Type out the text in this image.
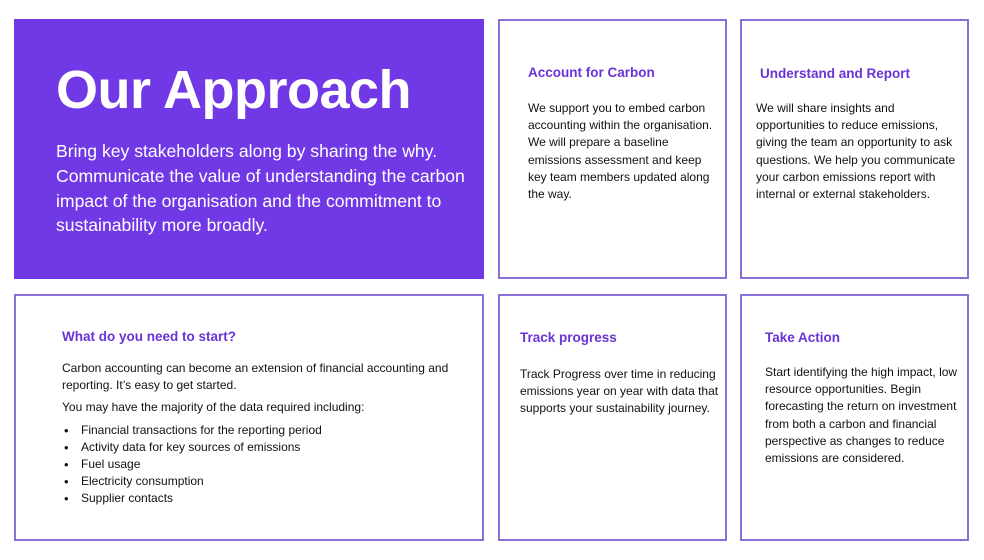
Our Approach

Bring key stakeholders along by sharing the why. Communicate the value of understanding the carbon impact of the organisation and the commitment to sustainability more broadly.

Account for Carbon
We support you to embed carbon accounting within the organisation. We will prepare a baseline emissions assessment and keep key team members updated along the way.
Understand and Report
We will share insights and opportunities to reduce emissions, giving the team an opportunity to ask questions. We help you communicate your carbon emissions report with internal or external stakeholders.
What do you need to start?

Carbon accounting can become an extension of financial accounting and reporting. It’s easy to get started.

You may have the majority of the data required including:

• Financial transactions for the reporting period
• Activity data for key sources of emissions
• Fuel usage
• Electricity consumption
• Supplier contacts
Track progress
Track Progress over time in reducing emissions year on year with data that supports your sustainability journey.
Take Action
Start identifying the high impact, low resource opportunities. Begin forecasting the return on investment from both a carbon and financial perspective as changes to reduce emissions are considered.
